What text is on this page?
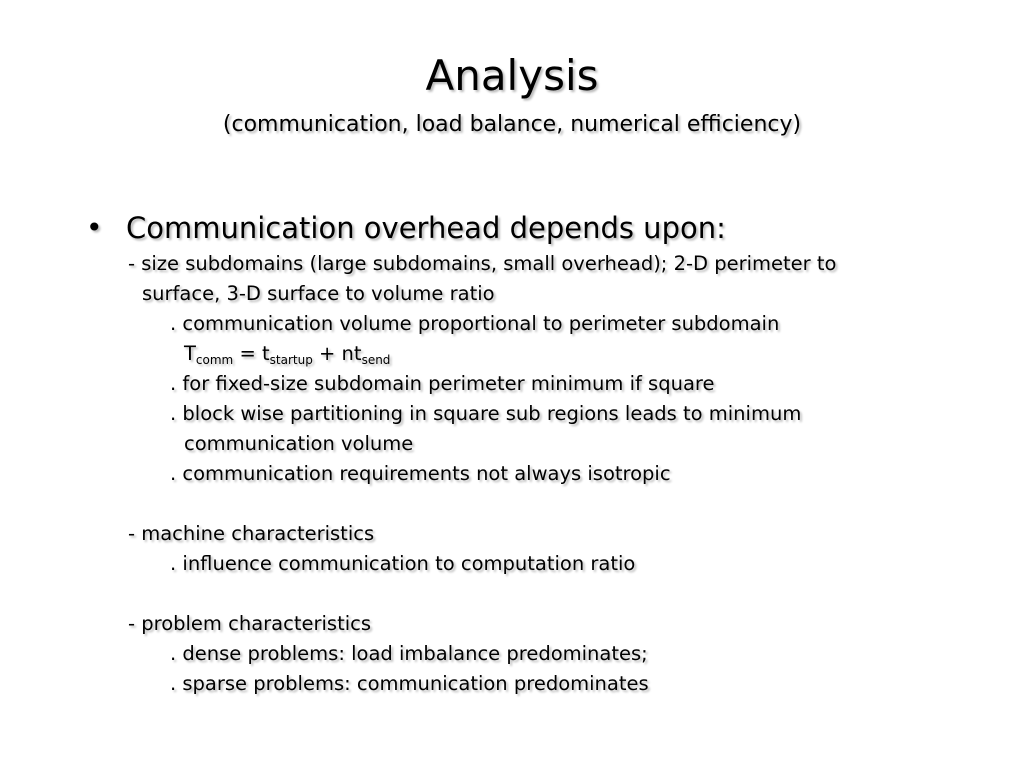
Analysis
(communication, load balance, numerical efficiency)
• Communication overhead depends upon:
- size subdomains (large subdomains, small overhead); 2-D perimeter to
surface, 3-D surface to volume ratio
. communication volume proportional to perimeter subdomain
$T_{comm} = t_{startup} + nt_{send}$
. for fixed-size subdomain perimeter minimum if square
. block wise partitioning in square sub regions leads to minimum
communication volume
. communication requirements not always isotropic
- machine characteristics
. influence communication to computation ratio
- problem characteristics
. dense problems: load imbalance predominates;
. sparse problems: communication predominates
